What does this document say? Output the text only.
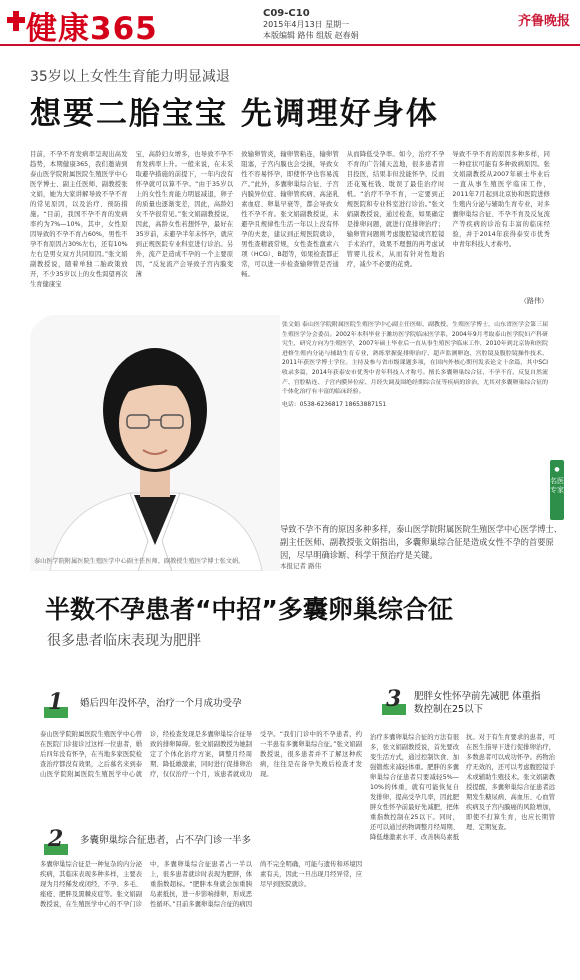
健康365	C09-C10
2015年4月13日 星期一
本版编辑 路伟 组版 赵春娟
齐鲁晚报
35岁以上女性生育能力明显减退
想要二胎宝宝 先调理好身体
目前，不孕不育发病率呈现出高发趋势，本期健康365，我们邀请到泰山医学院附属医院生殖医学中心医学博士、副主任医师、副教授张文娟，她为大家讲解导致不孕不育的常见原因，以及治疗、预防措施。“目前，我国不孕不育的发病率约为7%—10%，其中，女性原因导致的不孕不育占60%，男性不孕不育原因占30%左右，还有10%左右是男女双方共同原因。”张文娟副教授说，随着单独二胎政策放开，不少35岁以上的女性渴望再次生育健康宝
宝，高龄妇女增多，也导致不孕不育发病率上升。一般来说，在未采取避孕措施的前提下，一年内没有怀孕就可以算不孕。“由于35岁以上的女性生育能力明显减退，卵子的质量也逐渐变差，因此，高龄妇女不孕很常见。”张文娟副教授说，因此，高龄女性若想怀孕，最好在35岁前，未避孕半年未怀孕，就应到正规医院专业科室进行诊治。另外，流产是造成不孕的一个主要原因，“反复流产会导致子宫内膜变薄
致输卵管炎，输卵管粘连，输卵管阻塞，子宫内膜也会受损，导致女性不容易怀孕，即使怀孕也容易流产。”此外，多囊卵巢综合征、子宫内膜异位症、输卵管疾病、高泌乳素血症、卵巢早衰等，都会导致女性不孕不育。张文娟副教授说，未避孕且规律性生活一年以上没有怀孕的夫妻，建议到正规医院就诊，男性查精液常规，女性查性激素六项（HCG）、B超等，如果检查都正常，可以进一步检查输卵管是否通畅。
从而降低受孕率。如今，治疗不孕不育的广告铺天盖地，很多患者盲目投医，结果非但没能怀孕，反而还花冤枉钱、耽误了最佳治疗时机。“治疗不孕不育，一定要到正规医院和专业科室进行诊治。”张文娟副教授说，通过检查，如果确定是排卵问题，就进行促排卵治疗；输卵管问题则考虑腹腔镜或宫腔镜手术治疗，效果不理想的再考虑试管婴儿技术，从而有针对性地治疗，减少不必要的花费。
导致不孕不育的原因多种多样，同一种症状可能有多种致病原因。张文娟副教授从2007年硕士毕业后一直从事生殖医学临床工作，2011年7月起到北京协和医院进修生殖内分泌与辅助生育专业，对多囊卵巢综合征、不孕不育及反复流产等疾病的诊治有丰富的临床经验，并于2014年获得泰安市优秀中青年科技人才称号。
（路伟）
泰山医学院附属医院生殖医学中心副主任医师、副教授生殖医学博士张文娟。
张文娟 泰山医学院附属医院生殖医学中心副主任医师、副教授、生殖医学博士，山东省医学会第三届生殖医学分会委员。2002年本科毕业于潍坊医学院临床医学系，2004年9月考取泰山医学院妇产科研究生，研究方向为生殖医学，2007年硕士毕业后一直从事生殖医学临床工作，2010年到北京协和医院进修生殖内分泌与辅助生育专业，熟练掌握促排卵治疗、超声监测卵泡、宫腔镜及腹腔镜操作技术，2011年获医学博士学位。主持及参与省市级课题多项，在国内外核心期刊发表论文十余篇，其中SCI收录多篇，2014年获泰安市优秀中青年科技人才称号。擅长多囊卵巢综合征、不孕不育、反复自然流产、宫腔粘连、子宫内膜异位症、月经失调及围绝经期综合征等疾病的诊治，尤其对多囊卵巢综合征的个体化治疗有丰富的临床经验。
电话：0538-6236817 18653887151
●
名医专家
导致不孕不育的原因多种多样，泰山医学院附属医院生殖医学中心医学博士、副主任医师、副教授张文娟指出，多囊卵巢综合征是造成女性不孕的首要原因，尽早明确诊断、科学干预治疗是关键。
本报记者 路伟
半数不孕患者“中招”多囊卵巢综合征
很多患者临床表现为肥胖
1 婚后四年没怀孕，治疗一个月成功受孕
泰山医学院附属医院生殖医学中心曾在医院门诊接诊过这样一位患者，婚后四年没有怀孕，在当地多家医院检查治疗都没有效果，之后慕名来到泰山医学院附属医院生殖医学中心就诊，经检查发现是多囊卵巢综合征导致的排卵障碍。张文娟副教授为她制定了个体化治疗方案，调整月经周期、降低雄激素，同时进行促排卵治疗，仅仅治疗一个月，该患者就成功受孕。“我们门诊中的不孕患者，约一半患有多囊卵巢综合征。”张文娟副教授说，很多患者并不了解这种疾病，往往是在备孕失败后检查才发现。
2 多囊卵巢综合征患者，占不孕门诊一半多
多囊卵巢综合征是一种复杂的内分泌疾病，其临床表现多种多样，主要表现为月经稀发或闭经、不孕、多毛、痤疮、肥胖及黑棘皮症等。张文娟副教授说，在生殖医学中心的不孕门诊中，多囊卵巢综合征患者占一半以上，很多患者就诊时表现为肥胖，体重指数超标。“肥胖本身就会加重胰岛素抵抗，进一步影响排卵，形成恶性循环。”目前多囊卵巢综合征的病因尚不完全明确，可能与遗传和环境因素有关，因此一旦出现月经异常，应尽早到医院就诊。
3 肥胖女性怀孕前先减肥 体重指数控制在25以下
治疗多囊卵巢综合征的方法有很多，张文娟副教授说，首先要改变生活方式，通过控制饮食、加强锻炼来减轻体重。肥胖的多囊卵巢综合征患者只要减轻5%—10%的体重，就有可能恢复自发排卵，提高受孕几率，因此肥胖女性怀孕前最好先减肥，把体重指数控制在25以下。同时，还可以通过药物调整月经周期、降低雄激素水平、改善胰岛素抵抗。对于有生育要求的患者，可在医生指导下进行促排卵治疗，多数患者可以成功怀孕。药物治疗无效的，还可以考虑腹腔镜手术或辅助生殖技术。张文娟副教授提醒，多囊卵巢综合征患者远期发生糖尿病、高血压、心血管疾病及子宫内膜癌的风险增加，即使不打算生育，也应长期管理、定期复查。
